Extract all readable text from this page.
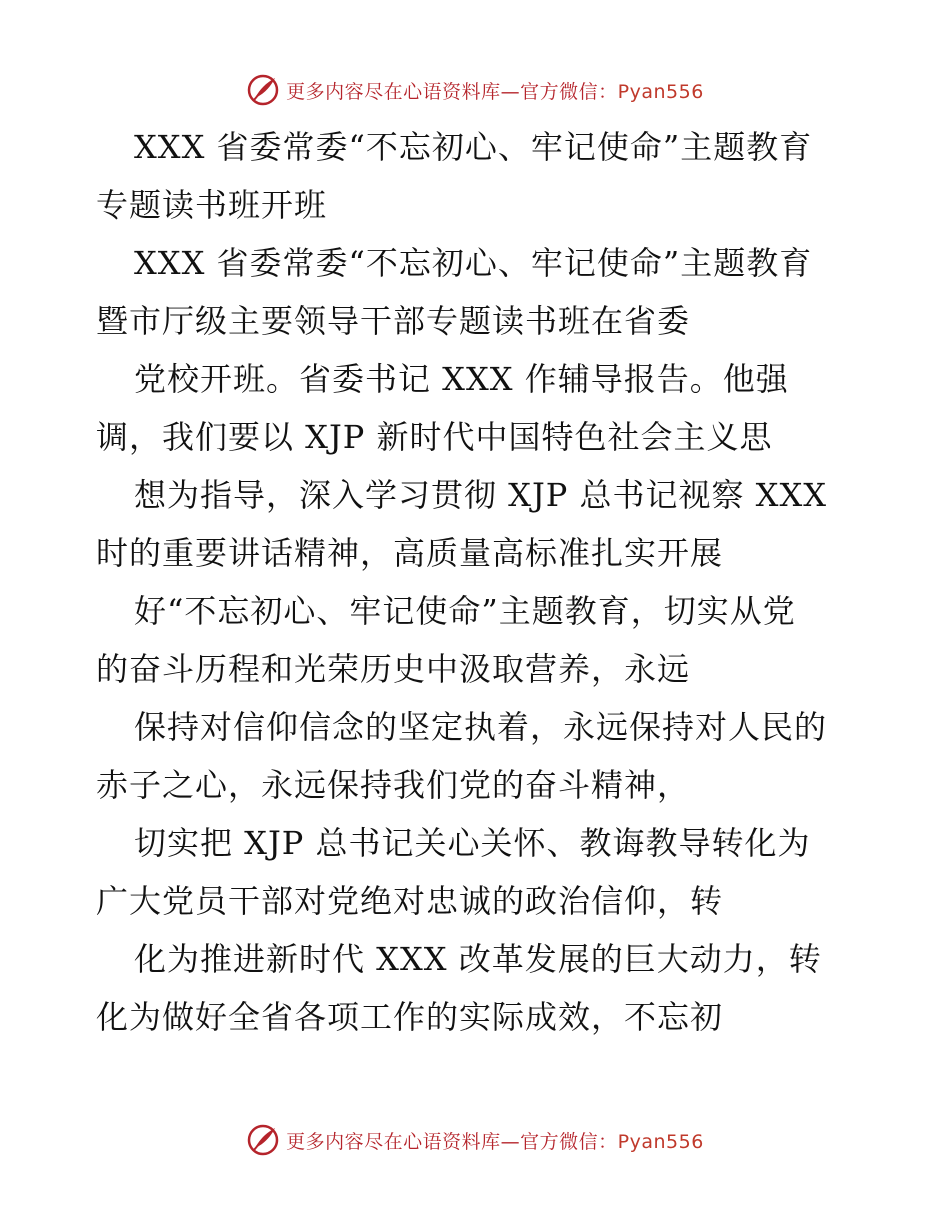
更多内容尽在心语资料库—官方微信：Pyan556
XXX 省委常委“不忘初心、牢记使命”主题教育
专题读书班开班
XXX 省委常委“不忘初心、牢记使命”主题教育
暨市厅级主要领导干部专题读书班在省委
党校开班。省委书记 XXX 作辅导报告。他强
调，我们要以 XJP 新时代中国特色社会主义思
想为指导，深入学习贯彻 XJP 总书记视察 XXX
时的重要讲话精神，高质量高标准扎实开展
好“不忘初心、牢记使命”主题教育，切实从党
的奋斗历程和光荣历史中汲取营养，永远
保持对信仰信念的坚定执着，永远保持对人民的
赤子之心，永远保持我们党的奋斗精神，
切实把 XJP 总书记关心关怀、教诲教导转化为
广大党员干部对党绝对忠诚的政治信仰，转
化为推进新时代 XXX 改革发展的巨大动力，转
化为做好全省各项工作的实际成效，不忘初
更多内容尽在心语资料库—官方微信：Pyan556
